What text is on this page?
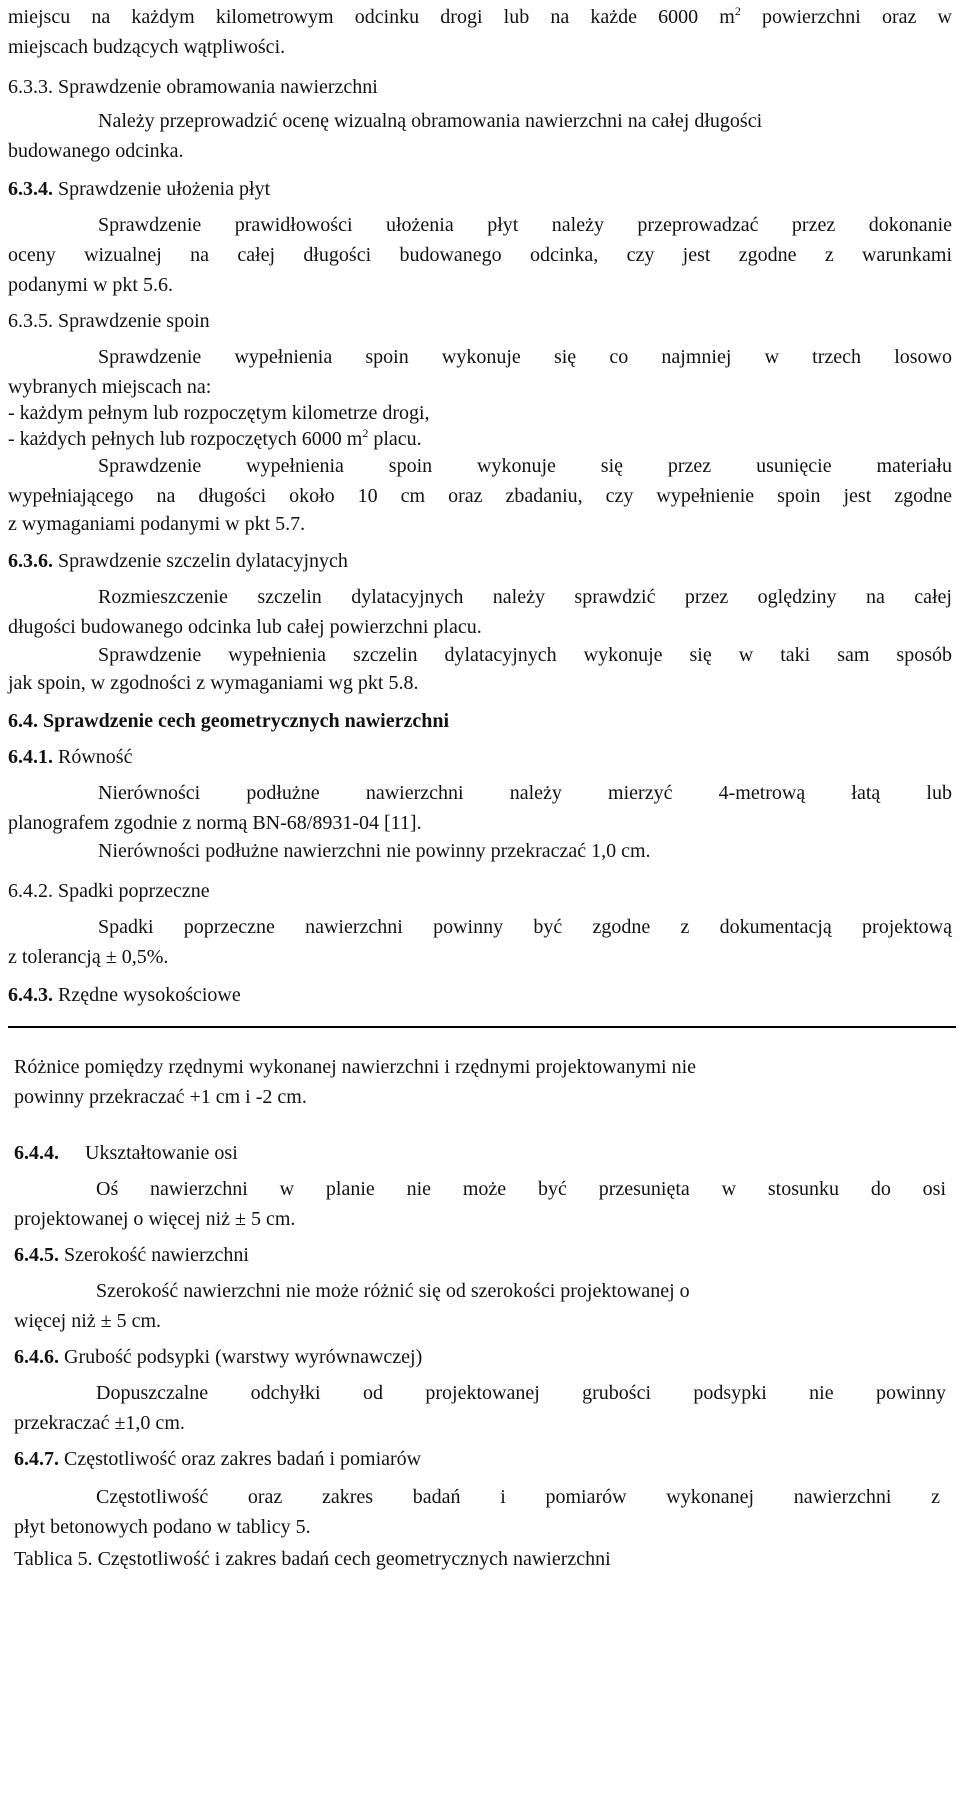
miejscu na każdym kilometrowym odcinku drogi lub na każde 6000 $m^2$ powierzchni oraz w
miejscach budzących wątpliwości.
6.3.3. Sprawdzenie obramowania nawierzchni
Należy przeprowadzić ocenę wizualną obramowania nawierzchni na całej długości
budowanego odcinka.
6.3.4. Sprawdzenie ułożenia płyt
Sprawdzenie prawidłowości ułożenia płyt należy przeprowadzać przez dokonanie
oceny wizualnej na całej długości budowanego odcinka, czy jest zgodne z warunkami
podanymi w pkt 5.6.
6.3.5. Sprawdzenie spoin
Sprawdzenie wypełnienia spoin wykonuje się co najmniej w trzech losowo
wybranych miejscach na:
- każdym pełnym lub rozpoczętym kilometrze drogi,
- każdych pełnych lub rozpoczętych 6000 $m^2$ placu.
Sprawdzenie wypełnienia spoin wykonuje się przez usunięcie materiału
wypełniającego na długości około 10 cm oraz zbadaniu, czy wypełnienie spoin jest zgodne
z wymaganiami podanymi w pkt 5.7.
6.3.6. Sprawdzenie szczelin dylatacyjnych
Rozmieszczenie szczelin dylatacyjnych należy sprawdzić przez oględziny na całej
długości budowanego odcinka lub całej powierzchni placu.
Sprawdzenie wypełnienia szczelin dylatacyjnych wykonuje się w taki sam sposób
jak spoin, w zgodności z wymaganiami wg pkt 5.8.
6.4. Sprawdzenie cech geometrycznych nawierzchni
6.4.1. Równość
Nierówności podłużne nawierzchni należy mierzyć 4-metrową łatą lub
planografem zgodnie z normą BN-68/8931-04 [11].
Nierówności podłużne nawierzchni nie powinny przekraczać 1,0 cm.
6.4.2. Spadki poprzeczne
Spadki poprzeczne nawierzchni powinny być zgodne z dokumentacją projektową
z tolerancją ± 0,5%.
6.4.3. Rzędne wysokościowe
Różnice pomiędzy rzędnymi wykonanej nawierzchni i rzędnymi projektowanymi nie
powinny przekraczać +1 cm i -2 cm.
6.4.4. Ukształtowanie osi
Oś nawierzchni w planie nie może być przesunięta w stosunku do osi
projektowanej o więcej niż ± 5 cm.
6.4.5. Szerokość nawierzchni
Szerokość nawierzchni nie może różnić się od szerokości projektowanej o
więcej niż ± 5 cm.
6.4.6. Grubość podsypki (warstwy wyrównawczej)
Dopuszczalne odchyłki od projektowanej grubości podsypki nie powinny
przekraczać ±1,0 cm.
6.4.7. Częstotliwość oraz zakres badań i pomiarów
Częstotliwość oraz zakres badań i pomiarów wykonanej nawierzchni z
płyt betonowych podano w tablicy 5.
Tablica 5. Częstotliwość i zakres badań cech geometrycznych nawierzchni
